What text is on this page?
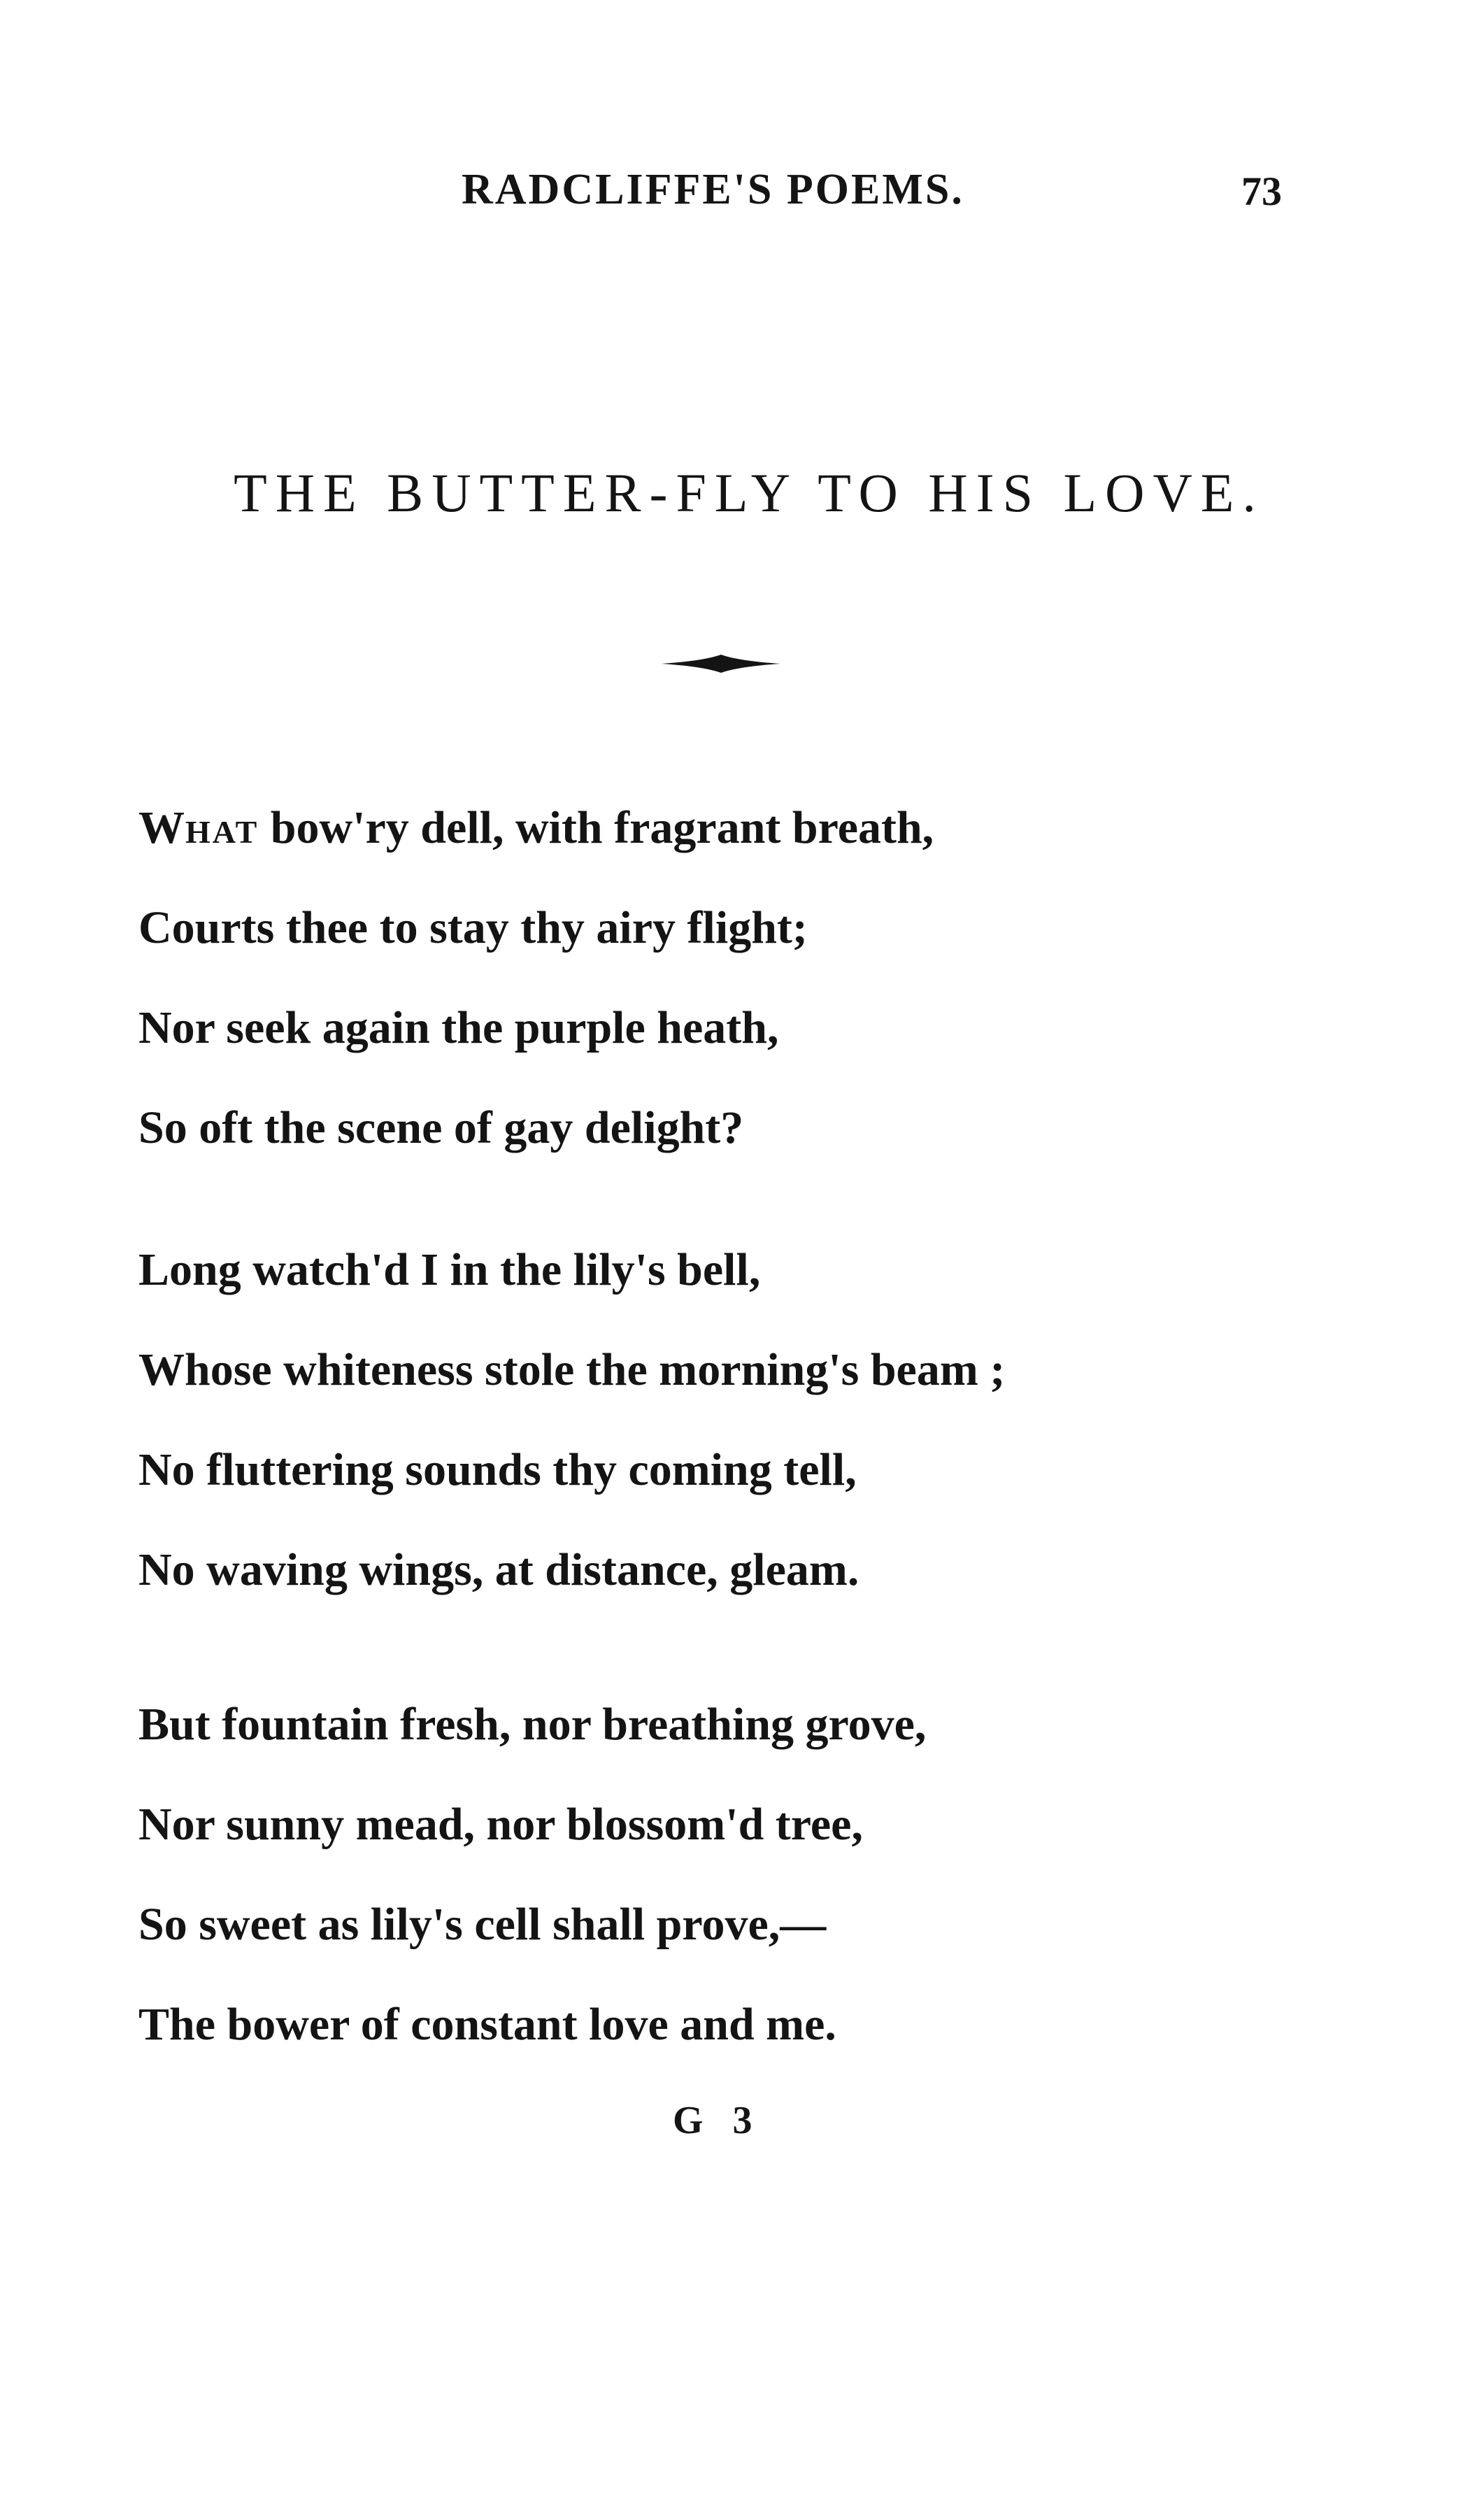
RADCLIFFE'S POEMS.	73
THE BUTTER-FLY TO HIS LOVE.
WHAT bow'ry dell, with fragrant breath,
Courts thee to stay thy airy flight;
Nor seek again the purple heath,
So oft the scene of gay delight?
Long watch'd I in the lily's bell,
Whose whiteness stole the morning's beam ;
No fluttering sounds thy coming tell,
No waving wings, at distance, gleam.
But fountain fresh, nor breathing grove,
Nor sunny mead, nor blossom'd tree,
So sweet as lily's cell shall prove,—
The bower of constant love and me.
G 3
